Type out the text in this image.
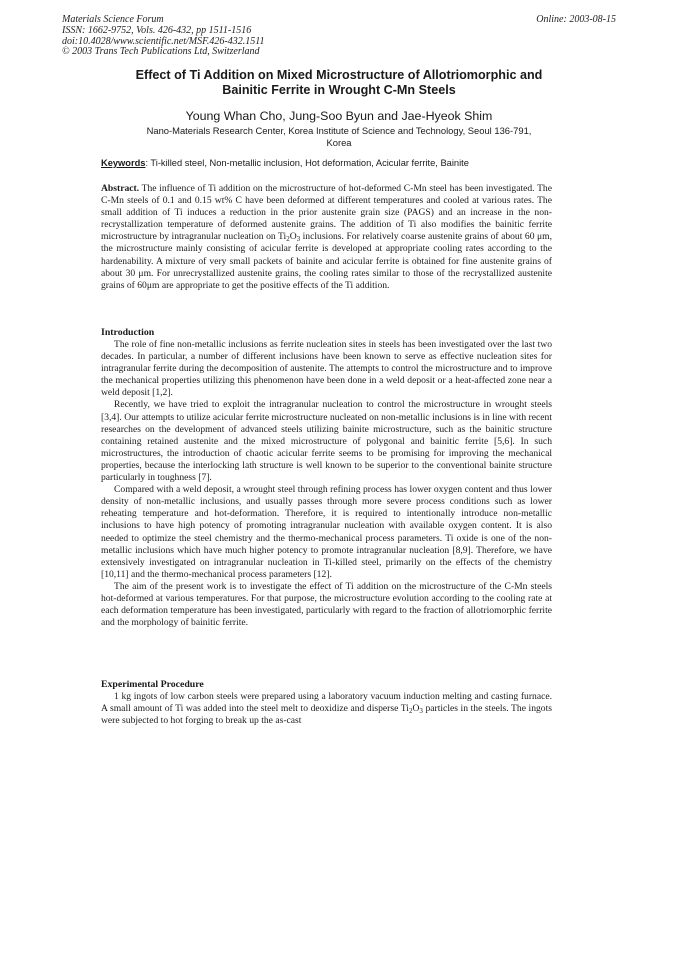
Materials Science Forum
ISSN: 1662-9752, Vols. 426-432, pp 1511-1516
doi:10.4028/www.scientific.net/MSF.426-432.1511
© 2003 Trans Tech Publications Ltd, Switzerland
Online: 2003-08-15
Effect of Ti Addition on Mixed Microstructure of Allotriomorphic and
Bainitic Ferrite in Wrought C-Mn Steels
Young Whan Cho, Jung-Soo Byun and Jae-Hyeok Shim
Nano-Materials Research Center, Korea Institute of Science and Technology, Seoul 136-791,
Korea
Keywords: Ti-killed steel, Non-metallic inclusion, Hot deformation, Acicular ferrite, Bainite

Abstract. The influence of Ti addition on the microstructure of hot-deformed C-Mn steel has been investigated. The C-Mn steels of 0.1 and 0.15 wt% C have been deformed at different temperatures and cooled at various rates. The small addition of Ti induces a reduction in the prior austenite grain size (PAGS) and an increase in the non-recrystallization temperature of deformed austenite grains. The addition of Ti also modifies the bainitic ferrite microstructure by intragranular nucleation on $Ti_2O_3$ inclusions. For relatively coarse austenite grains of about 60 μm, the microstructure mainly consisting of acicular ferrite is developed at appropriate cooling rates according to the hardenability. A mixture of very small packets of bainite and acicular ferrite is obtained for fine austenite grains of about 30 μm. For unrecrystallized austenite grains, the cooling rates similar to those of the recrystallized austenite grains of 60μm are appropriate to get the positive effects of the Ti addition.

Introduction

The role of fine non-metallic inclusions as ferrite nucleation sites in steels has been investigated over the last two decades. In particular, a number of different inclusions have been known to serve as effective nucleation sites for intragranular ferrite during the decomposition of austenite. The attempts to control the microstructure and to improve the mechanical properties utilizing this phenomenon have been done in a weld deposit or a heat-affected zone near a weld deposit [1,2].

Recently, we have tried to exploit the intragranular nucleation to control the microstructure in wrought steels [3,4]. Our attempts to utilize acicular ferrite microstructure nucleated on non-metallic inclusions is in line with recent researches on the development of advanced steels utilizing bainite microstructure, such as the bainitic structure containing retained austenite and the mixed microstructure of polygonal and bainitic ferrite [5,6]. In such microstructures, the introduction of chaotic acicular ferrite seems to be promising for improving the mechanical properties, because the interlocking lath structure is well known to be superior to the conventional bainite structure particularly in toughness [7].

Compared with a weld deposit, a wrought steel through refining process has lower oxygen content and thus lower density of non-metallic inclusions, and usually passes through more severe process conditions such as lower reheating temperature and hot-deformation. Therefore, it is required to intentionally introduce non-metallic inclusions to have high potency of promoting intragranular nucleation with available oxygen content. It is also needed to optimize the steel chemistry and the thermo-mechanical process parameters. Ti oxide is one of the non-metallic inclusions which have much higher potency to promote intragranular nucleation [8,9]. Therefore, we have extensively investigated on intragranular nucleation in Ti-killed steel, primarily on the effects of the chemistry [10,11] and the thermo-mechanical process parameters [12].

The aim of the present work is to investigate the effect of Ti addition on the microstructure of the C-Mn steels hot-deformed at various temperatures. For that purpose, the microstructure evolution according to the cooling rate at each deformation temperature has been investigated, particularly with regard to the fraction of allotriomorphic ferrite and the morphology of bainitic ferrite.

Experimental Procedure

1 kg ingots of low carbon steels were prepared using a laboratory vacuum induction melting and casting furnace. A small amount of Ti was added into the steel melt to deoxidize and disperse $Ti_2O_3$ particles in the steels. The ingots were subjected to hot forging to break up the as-cast
